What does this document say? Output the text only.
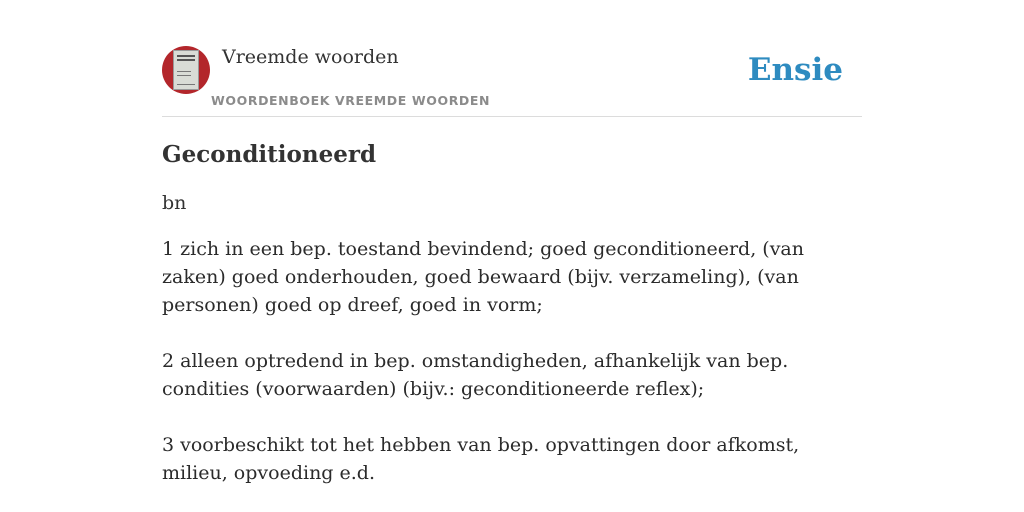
Vreemde woorden
WOORDENBOEK VREEMDE WOORDEN
Ensie
Geconditioneerd
bn
1 zich in een bep. toestand bevindend; goed geconditioneerd, (van zaken) goed onderhouden, goed bewaard (bijv. verzameling), (van personen) goed op dreef, goed in vorm;
2 alleen optredend in bep. omstandigheden, afhankelijk van bep. condities (voorwaarden) (bijv.: geconditioneerde reflex);
3 voorbeschikt tot het hebben van bep. opvattingen door afkomst, milieu, opvoeding e.d.
